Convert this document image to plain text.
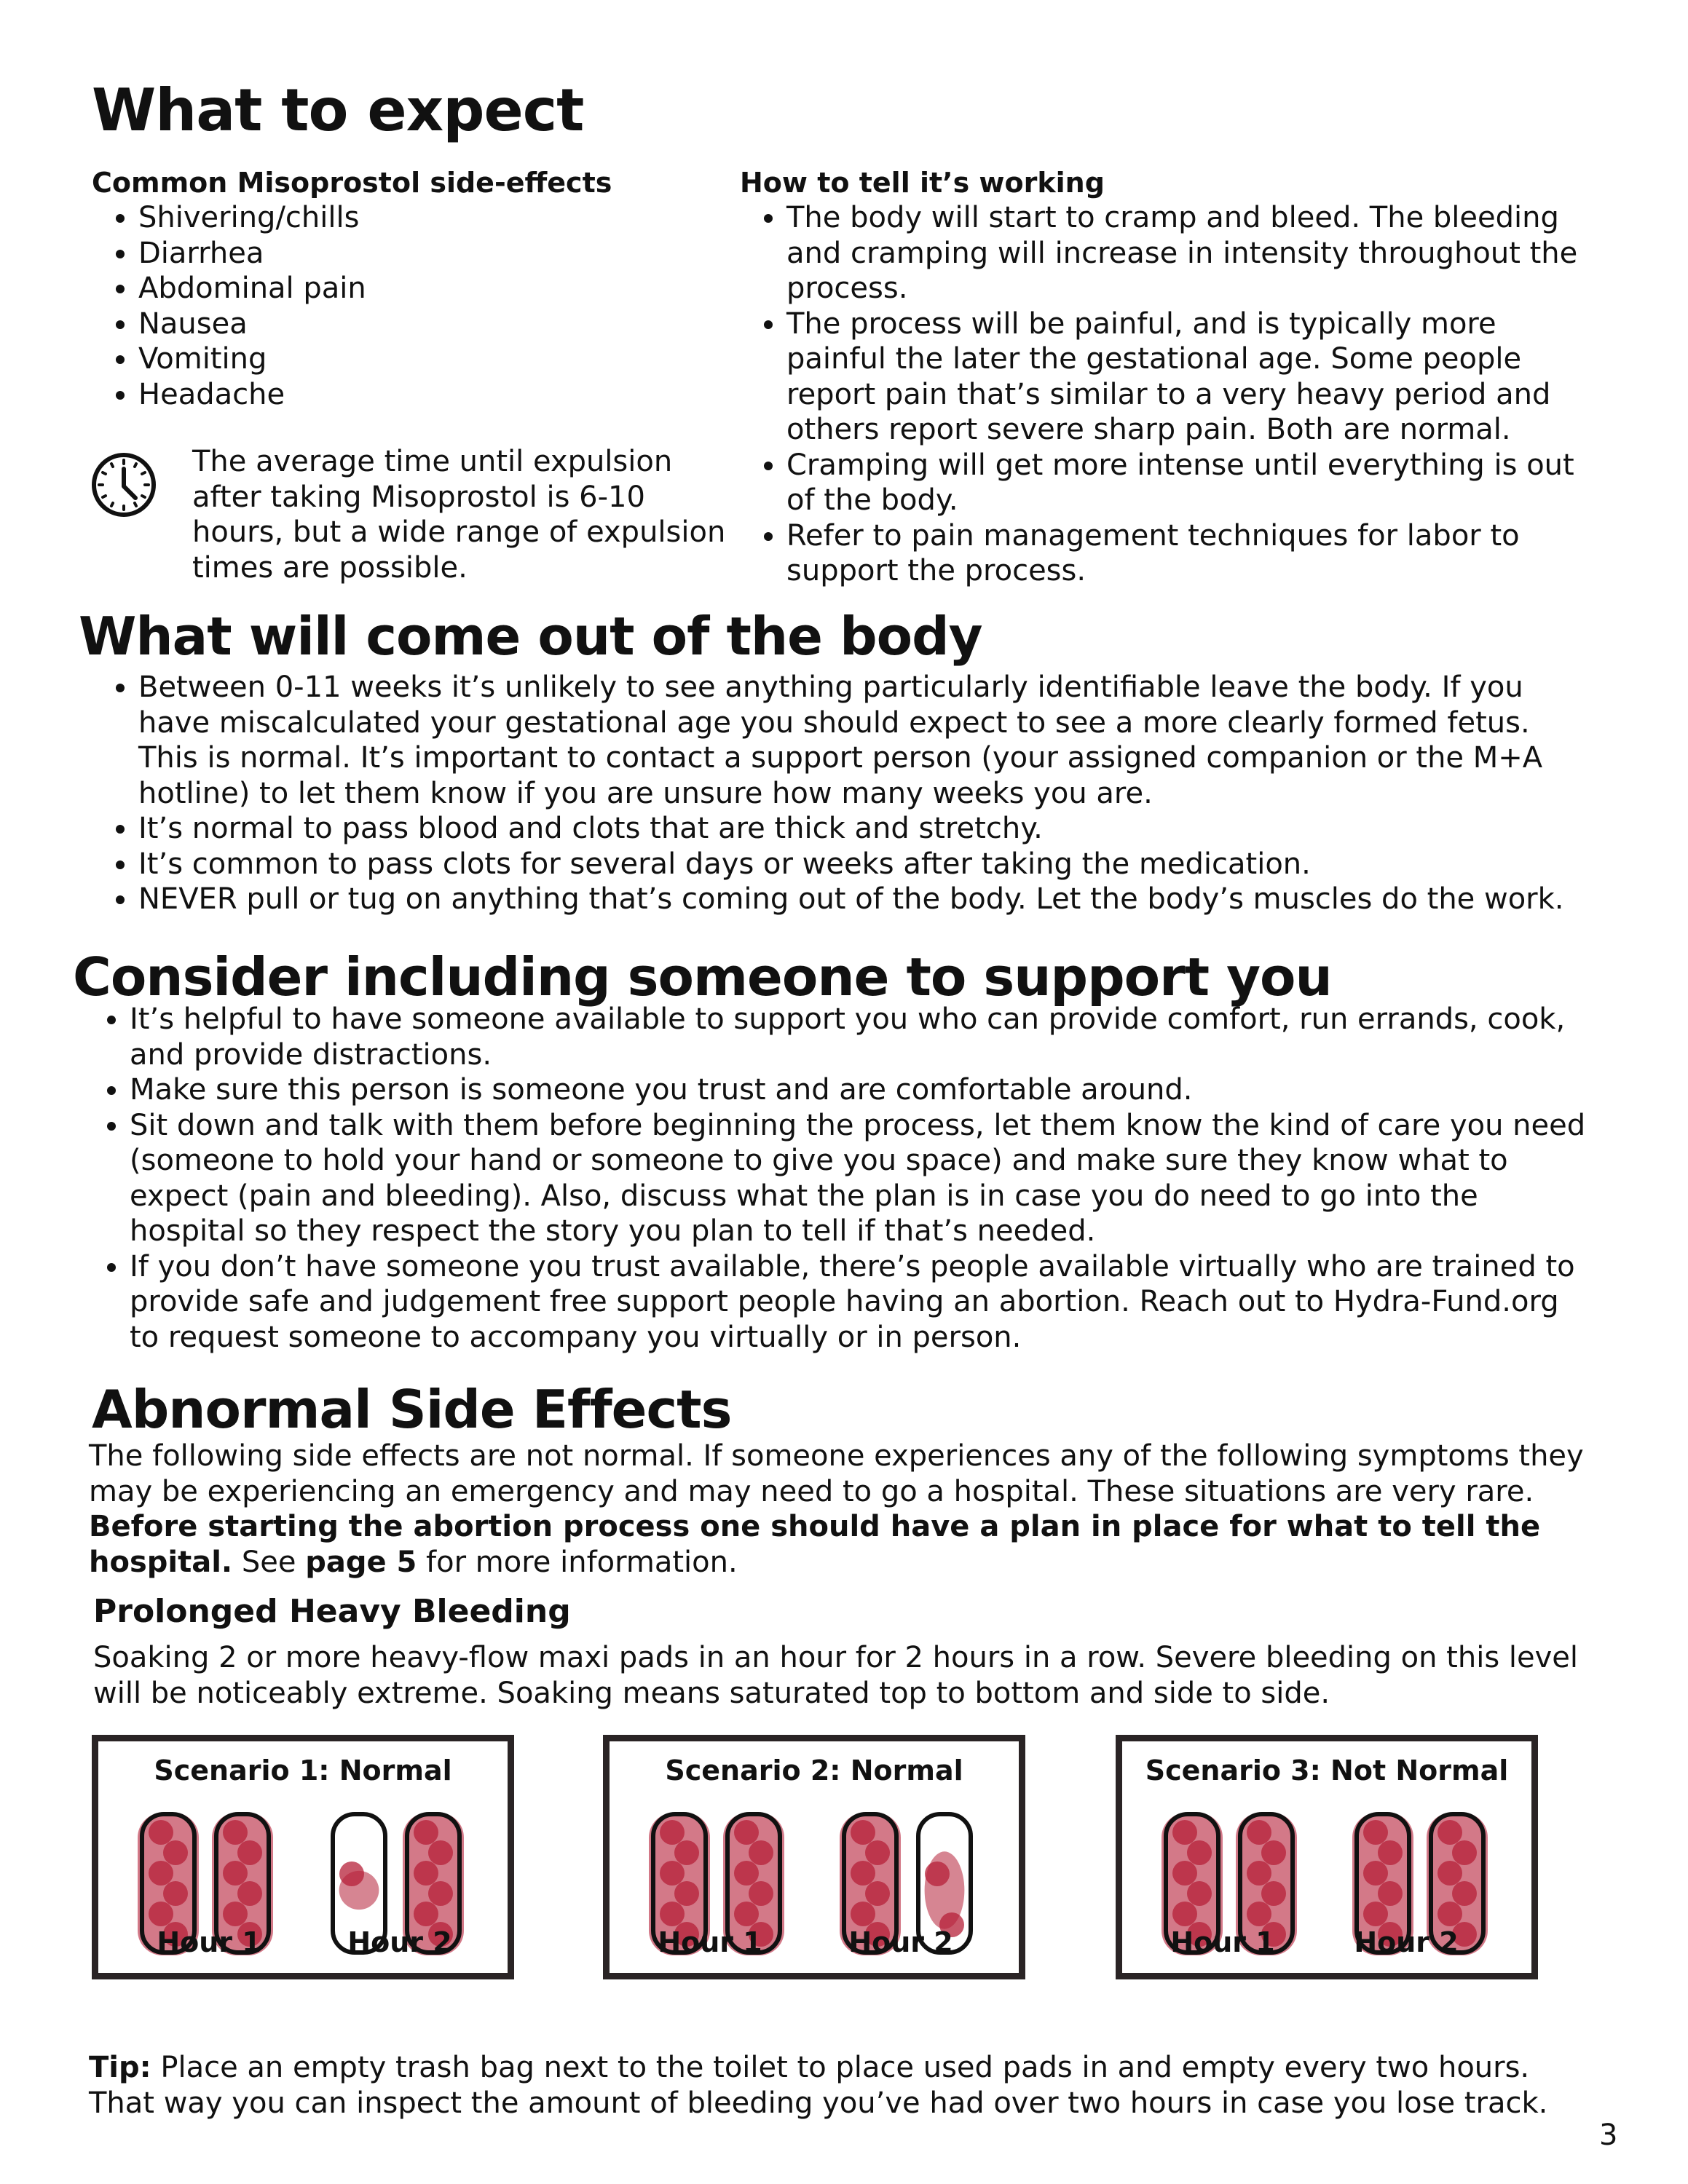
What to expect
Common Misoprostol side-effects
• Shivering/chills
• Diarrhea
• Abdominal pain
• Nausea
• Vomiting
• Headache

The average time until expulsion after taking Misoprostol is 6-10 hours, but a wide range of expulsion times are possible.

How to tell it’s working
• The body will start to cramp and bleed. The bleeding and cramping will increase in intensity throughout the process.
• The process will be painful, and is typically more painful the later the gestational age. Some people report pain that’s similar to a very heavy period and others report severe sharp pain. Both are normal.
• Cramping will get more intense until everything is out of the body.
• Refer to pain management techniques for labor to support the process.
What will come out of the body
• Between 0-11 weeks it’s unlikely to see anything particularly identifiable leave the body. If you have miscalculated your gestational age you should expect to see a more clearly formed fetus. This is normal. It’s important to contact a support person (your assigned companion or the M+A hotline) to let them know if you are unsure how many weeks you are.
• It’s normal to pass blood and clots that are thick and stretchy.
• It’s common to pass clots for several days or weeks after taking the medication.
• NEVER pull or tug on anything that’s coming out of the body. Let the body’s muscles do the work.
Consider including someone to support you
• It’s helpful to have someone available to support you who can provide comfort, run errands, cook, and provide distractions.
• Make sure this person is someone you trust and are comfortable around.
• Sit down and talk with them before beginning the process, let them know the kind of care you need (someone to hold your hand or someone to give you space) and make sure they know what to expect (pain and bleeding). Also, discuss what the plan is in case you do need to go into the hospital so they respect the story you plan to tell if that’s needed.
• If you don’t have someone you trust available, there’s people available virtually who are trained to provide safe and judgement free support people having an abortion. Reach out to Hydra-Fund.org to request someone to accompany you virtually or in person.
Abnormal Side Effects

The following side effects are not normal. If someone experiences any of the following symptoms they may be experiencing an emergency and may need to go a hospital. These situations are very rare. Before starting the abortion process one should have a plan in place for what to tell the hospital. See page 5 for more information.

Prolonged Heavy Bleeding

Soaking 2 or more heavy-flow maxi pads in an hour for 2 hours in a row. Severe bleeding on this level will be noticeably extreme. Soaking means saturated top to bottom and side to side.

Scenario 1: Normal
Hour 1	Hour 2
Scenario 2: Normal
Hour 1	Hour 2
Scenario 3: Not Normal
Hour 1	Hour 2

Tip: Place an empty trash bag next to the toilet to place used pads in and empty every two hours. That way you can inspect the amount of bleeding you’ve had over two hours in case you lose track.

3
